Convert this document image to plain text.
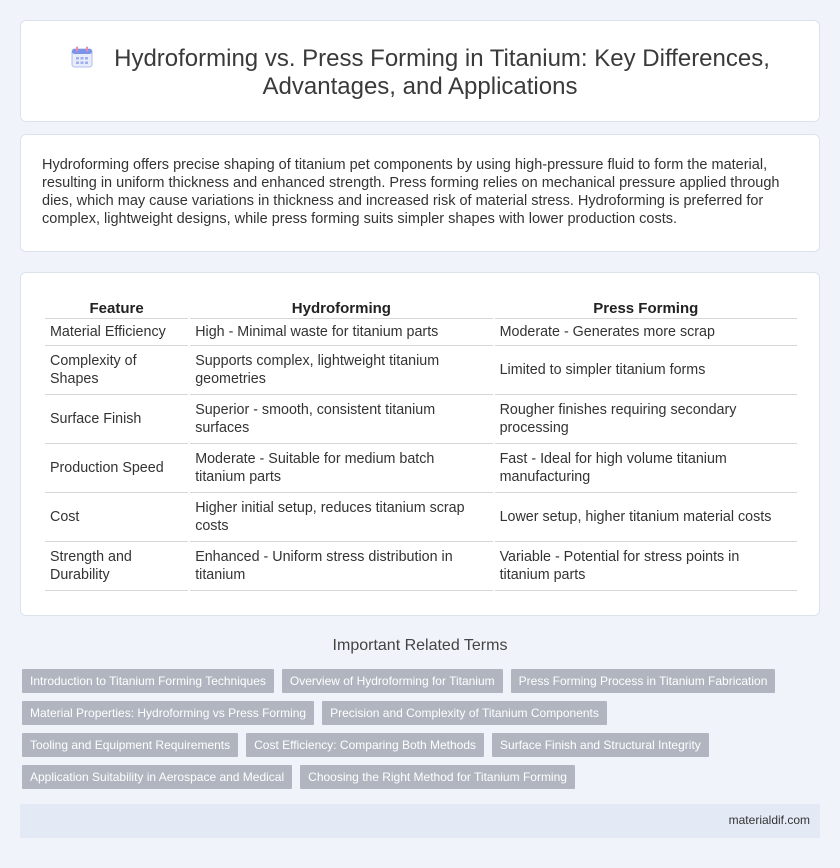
Hydroforming vs. Press Forming in Titanium: Key Differences, Advantages, and Applications

Hydroforming offers precise shaping of titanium pet components by using high-pressure fluid to form the material, resulting in uniform thickness and enhanced strength. Press forming relies on mechanical pressure applied through dies, which may cause variations in thickness and increased risk of material stress. Hydroforming is preferred for complex, lightweight designs, while press forming suits simpler shapes with lower production costs.

Feature	Hydroforming	Press Forming
Material Efficiency	High - Minimal waste for titanium parts	Moderate - Generates more scrap
Complexity of Shapes	Supports complex, lightweight titanium geometries	Limited to simpler titanium forms
Surface Finish	Superior - smooth, consistent titanium surfaces	Rougher finishes requiring secondary processing
Production Speed	Moderate - Suitable for medium batch titanium parts	Fast - Ideal for high volume titanium manufacturing
Cost	Higher initial setup, reduces titanium scrap costs	Lower setup, higher titanium material costs
Strength and Durability	Enhanced - Uniform stress distribution in titanium	Variable - Potential for stress points in titanium parts
Important Related Terms
Introduction to Titanium Forming Techniques	Overview of Hydroforming for Titanium	Press Forming Process in Titanium Fabrication
Material Properties: Hydroforming vs Press Forming	Precision and Complexity of Titanium Components
Tooling and Equipment Requirements	Cost Efficiency: Comparing Both Methods	Surface Finish and Structural Integrity
Application Suitability in Aerospace and Medical	Choosing the Right Method for Titanium Forming
materialdif.com
